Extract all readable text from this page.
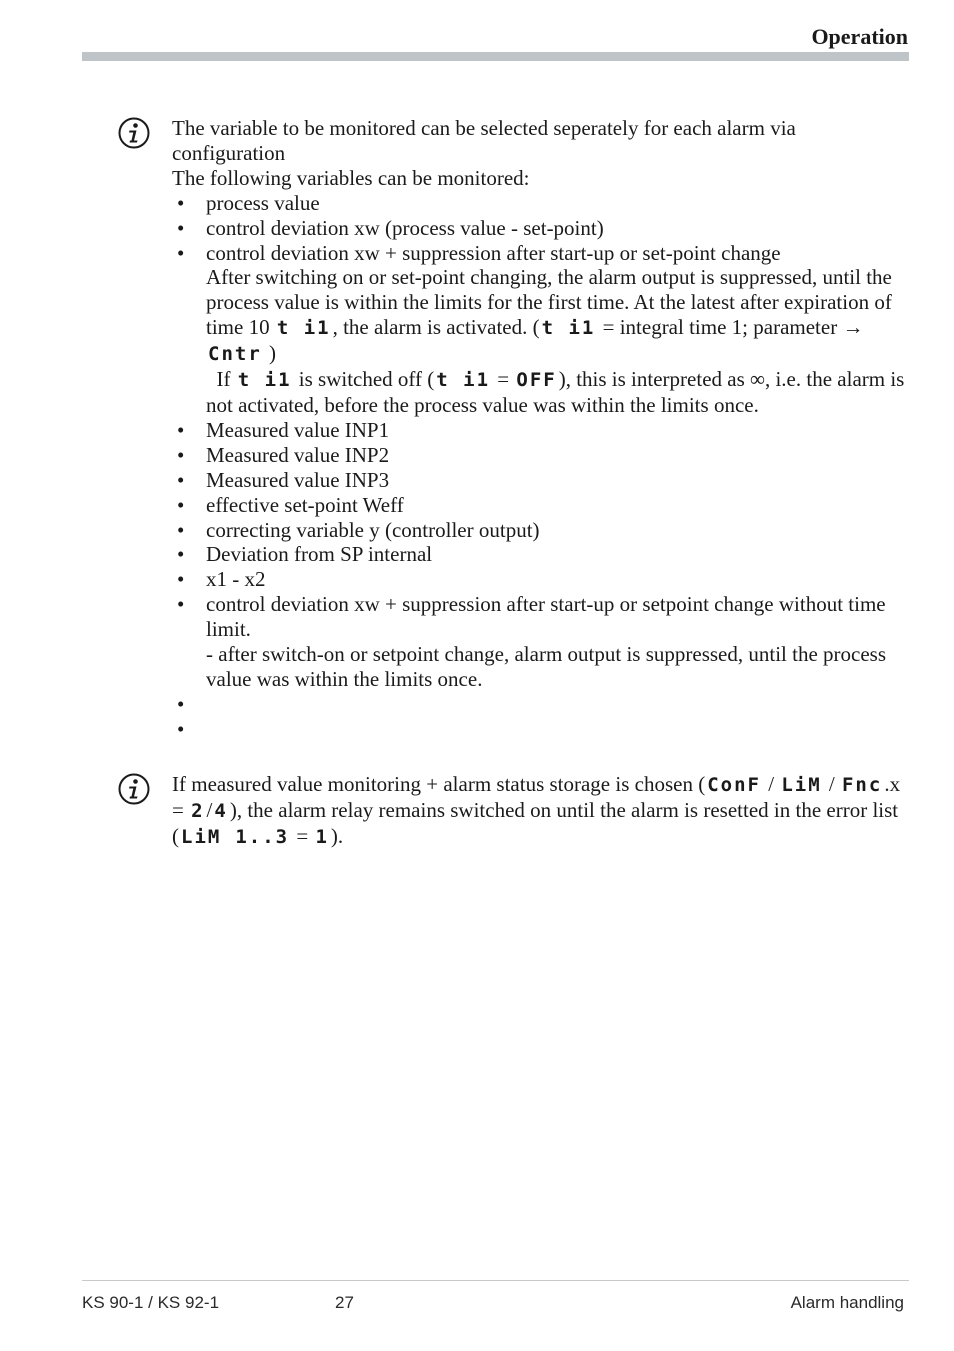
Operation

The variable to be monitored can be selected seperately for each alarm via configuration

The following variables can be monitored:

• process value
• control deviation xw (process value - set-point)
• control deviation xw + suppression after start-up or set-point change
After switching on or set-point changing, the alarm output is suppressed, until the process value is within the limits for the first time. At the latest after expiration of time 10 t i1, the alarm is activated. ( t i1 = integral time 1; parameter → Cntr )
If t i1 is switched off ( t i1 = OFF), this is interpreted as ∞, i.e. the alarm is not activated, before the process value was within the limits once.
• Measured value INP1
• Measured value INP2
• Measured value INP3
• effective set-point Weff
• correcting variable y (controller output)
• Deviation from SP internal
• x1 - x2
• control deviation xw + suppression after start-up or setpoint change without time limit.
- after switch-on or setpoint change, alarm output is suppressed, until the process value was within the limits once.
•
•

If measured value monitoring + alarm status storage is chosen ( ConF / LiM / Fnc.x = 2/ 4), the alarm relay remains switched on until the alarm is resetted in the error list ( LiM 1..3 = 1).

KS 90-1 / KS 92-1	27	Alarm handling
